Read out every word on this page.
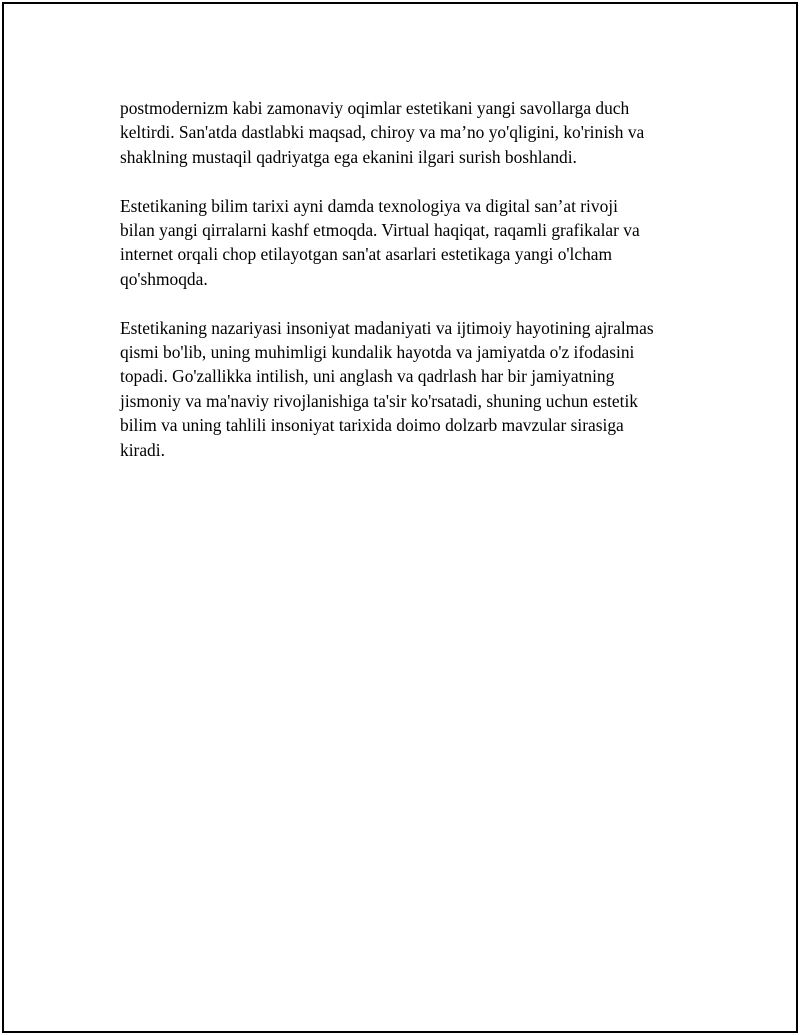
postmodernizm kabi zamonaviy oqimlar estetikani yangi savollarga duch
keltirdi. San'atda dastlabki maqsad, chiroy va ma’no yo'qligini, ko'rinish va
shaklning mustaqil qadriyatga ega ekanini ilgari surish boshlandi.

Estetikaning bilim tarixi ayni damda texnologiya va digital san’at rivoji
bilan yangi qirralarni kashf etmoqda. Virtual haqiqat, raqamli grafikalar va
internet orqali chop etilayotgan san'at asarlari estetikaga yangi o'lcham
qo'shmoqda.

Estetikaning nazariyasi insoniyat madaniyati va ijtimoiy hayotining ajralmas
qismi bo'lib, uning muhimligi kundalik hayotda va jamiyatda o'z ifodasini
topadi. Go'zallikka intilish, uni anglash va qadrlash har bir jamiyatning
jismoniy va ma'naviy rivojlanishiga ta'sir ko'rsatadi, shuning uchun estetik
bilim va uning tahlili insoniyat tarixida doimo dolzarb mavzular sirasiga
kiradi.
